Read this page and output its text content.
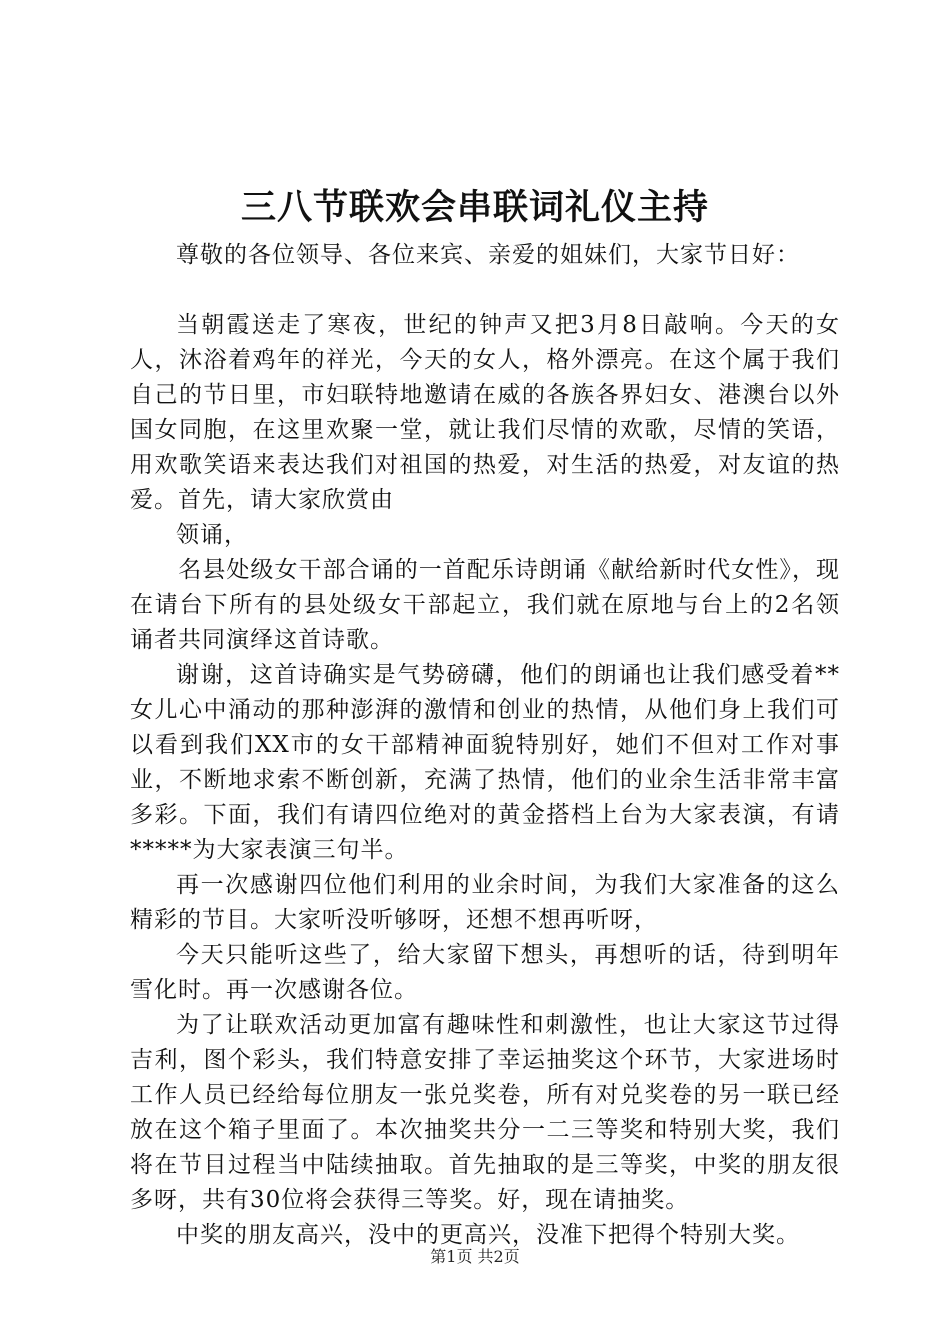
三八节联欢会串联词礼仪主持

尊敬的各位领导、各位来宾、亲爱的姐妹们，大家节日好：

当朝霞送走了寒夜，世纪的钟声又把3月8日敲响。今天的女人，沐浴着鸡年的祥光，今天的女人，格外漂亮。在这个属于我们自己的节日里，市妇联特地邀请在威的各族各界妇女、港澳台以外国女同胞，在这里欢聚一堂，就让我们尽情的欢歌，尽情的笑语，用欢歌笑语来表达我们对祖国的热爱，对生活的热爱，对友谊的热爱。首先，请大家欣赏由

领诵，

名县处级女干部合诵的一首配乐诗朗诵《献给新时代女性》，现在请台下所有的县处级女干部起立，我们就在原地与台上的2名领诵者共同演绎这首诗歌。

谢谢，这首诗确实是气势磅礴，他们的朗诵也让我们感受着**女儿心中涌动的那种澎湃的激情和创业的热情，从他们身上我们可以看到我们XX市的女干部精神面貌特别好，她们不但对工作对事业，不断地求索不断创新，充满了热情，他们的业余生活非常丰富多彩。下面，我们有请四位绝对的黄金搭档上台为大家表演，有请*****为大家表演三句半。

再一次感谢四位他们利用的业余时间，为我们大家准备的这么精彩的节目。大家听没听够呀，还想不想再听呀，

今天只能听这些了，给大家留下想头，再想听的话，待到明年雪化时。再一次感谢各位。

为了让联欢活动更加富有趣味性和刺激性，也让大家这节过得吉利，图个彩头，我们特意安排了幸运抽奖这个环节，大家进场时工作人员已经给每位朋友一张兑奖卷，所有对兑奖卷的另一联已经放在这个箱子里面了。本次抽奖共分一二三等奖和特别大奖，我们将在节目过程当中陆续抽取。首先抽取的是三等奖，中奖的朋友很多呀，共有30位将会获得三等奖。好，现在请抽奖。

中奖的朋友高兴，没中的更高兴，没准下把得个特别大奖。

第1页 共2页
